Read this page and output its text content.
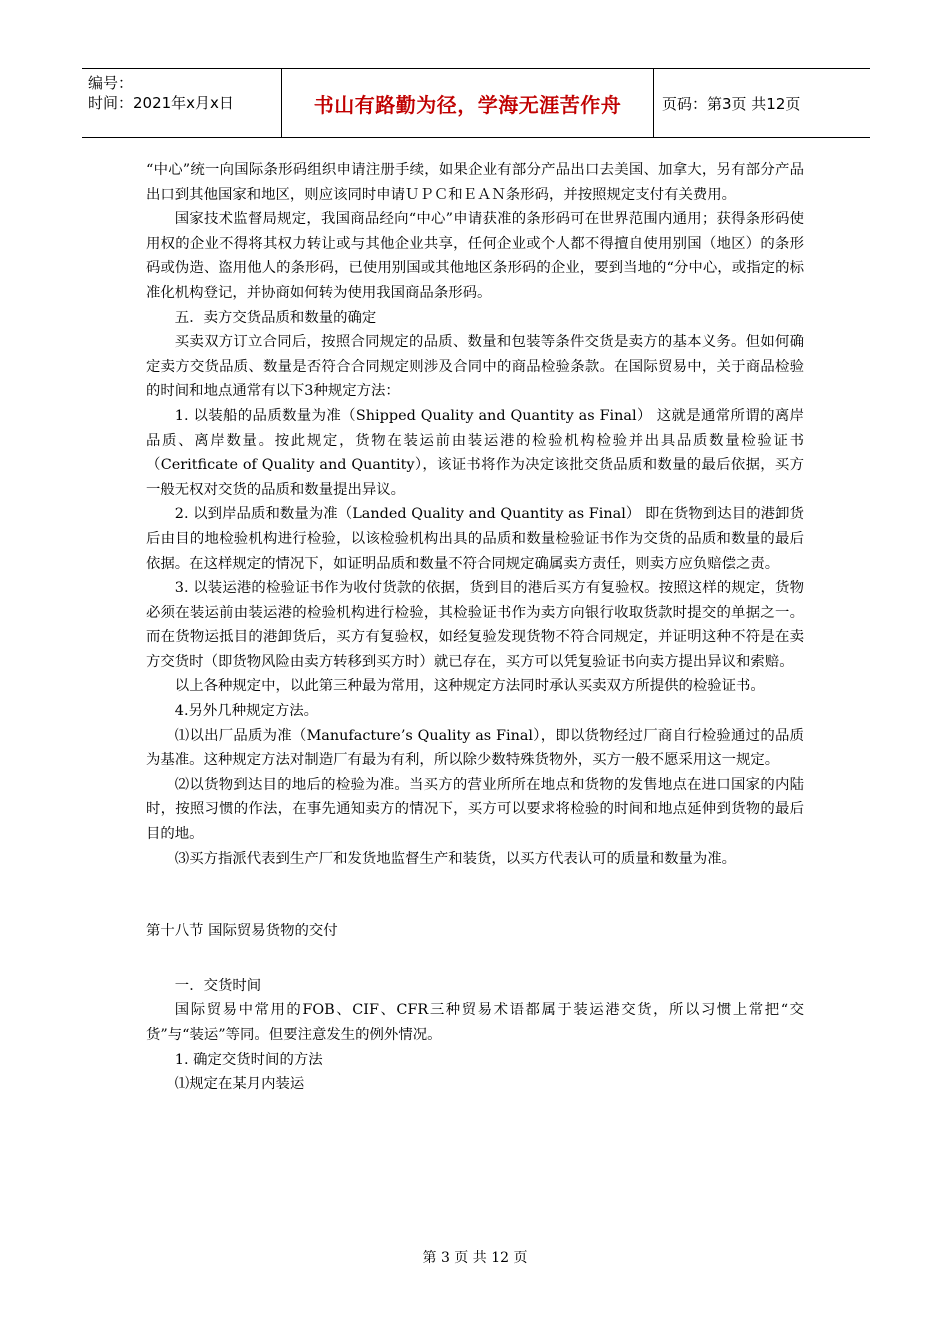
编号：
时间：2021年x月x日	书山有路勤为径，学海无涯苦作舟	页码：第3页 共12页

“中心”统一向国际条形码组织申请注册手续，如果企业有部分产品出口去美国、加拿大，另有部分产品出口到其他国家和地区，则应该同时申请ＵＰＣ和ＥＡＮ条形码，并按照规定支付有关费用。

国家技术监督局规定，我国商品经向“中心”申请获准的条形码可在世界范围内通用；获得条形码使用权的企业不得将其权力转让或与其他企业共享，任何企业或个人都不得擅自使用别国（地区）的条形码或伪造、盗用他人的条形码，已使用别国或其他地区条形码的企业，要到当地的“分中心，或指定的标准化机构登记，并协商如何转为使用我国商品条形码。

五．卖方交货品质和数量的确定

买卖双方订立合同后，按照合同规定的品质、数量和包装等条件交货是卖方的基本义务。但如何确定卖方交货品质、数量是否符合合同规定则涉及合同中的商品检验条款。在国际贸易中，关于商品检验的时间和地点通常有以下3种规定方法：

1. 以装船的品质数量为准（Shipped Quality and Quantity as Final） 这就是通常所谓的离岸品质、离岸数量。按此规定，货物在装运前由装运港的检验机构检验并出具品质数量检验证书（Ceritficate of Quality and Quantity），该证书将作为决定该批交货品质和数量的最后依据，买方一般无权对交货的品质和数量提出异议。

2. 以到岸品质和数量为准（Landed Quality and Quantity as Final） 即在货物到达目的港卸货后由目的地检验机构进行检验，以该检验机构出具的品质和数量检验证书作为交货的品质和数量的最后依据。在这样规定的情况下，如证明品质和数量不符合同规定确属卖方责任，则卖方应负赔偿之责。

3. 以装运港的检验证书作为收付货款的依据，货到目的港后买方有复验权。按照这样的规定，货物必须在装运前由装运港的检验机构进行检验，其检验证书作为卖方向银行收取货款时提交的单据之一。而在货物运抵目的港卸货后，买方有复验权，如经复验发现货物不符合同规定，并证明这种不符是在卖方交货时（即货物风险由卖方转移到买方时）就已存在，买方可以凭复验证书向卖方提出异议和索赔。

以上各种规定中，以此第三种最为常用，这种规定方法同时承认买卖双方所提供的检验证书。

4.另外几种规定方法。

⑴以出厂品质为准（Manufacture’s Quality as Final），即以货物经过厂商自行检验通过的品质为基准。这种规定方法对制造厂有最为有利，所以除少数特殊货物外，买方一般不愿采用这一规定。

⑵以货物到达目的地后的检验为准。当买方的营业所所在地点和货物的发售地点在进口国家的内陆时，按照习惯的作法，在事先通知卖方的情况下，买方可以要求将检验的时间和地点延伸到货物的最后目的地。

⑶买方指派代表到生产厂和发货地监督生产和装货，以买方代表认可的质量和数量为准。

第十八节 国际贸易货物的交付

一．交货时间

国际贸易中常用的FOB、CIF、CFR三种贸易术语都属于装运港交货，所以习惯上常把“交货”与“装运”等同。但要注意发生的例外情况。

1. 确定交货时间的方法

⑴规定在某月内装运

第 3 页 共 12 页
